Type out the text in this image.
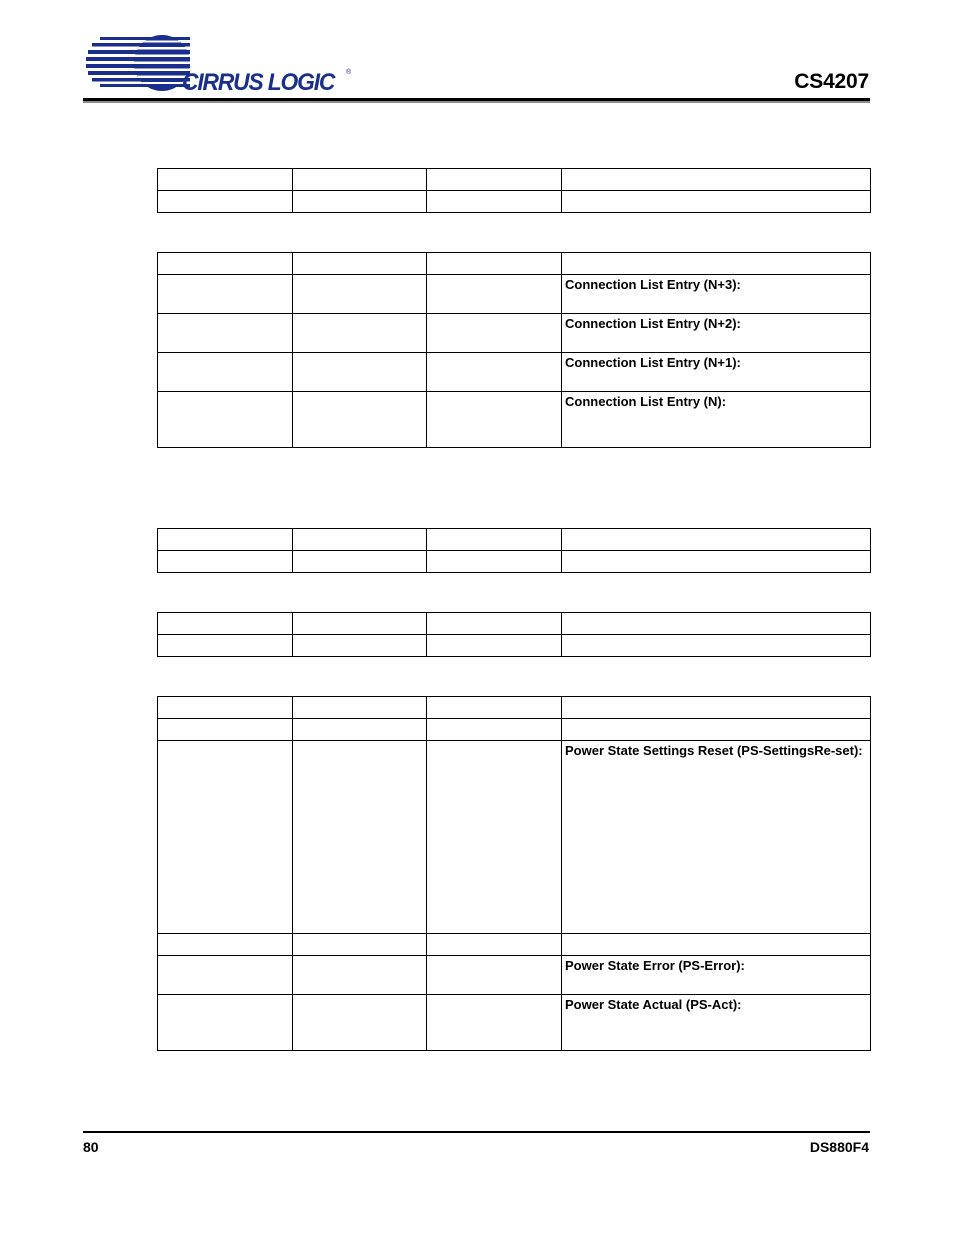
CIRRUS LOGIC ®	CS4207

			Connection List Entry (N+3):

			Connection List Entry (N+2):

			Connection List Entry (N+1):

			Connection List Entry (N):

			Power State Settings Reset (PS-SettingsRe-set):

			Power State Error (PS-Error):

			Power State Actual (PS-Act):
80	DS880F4
